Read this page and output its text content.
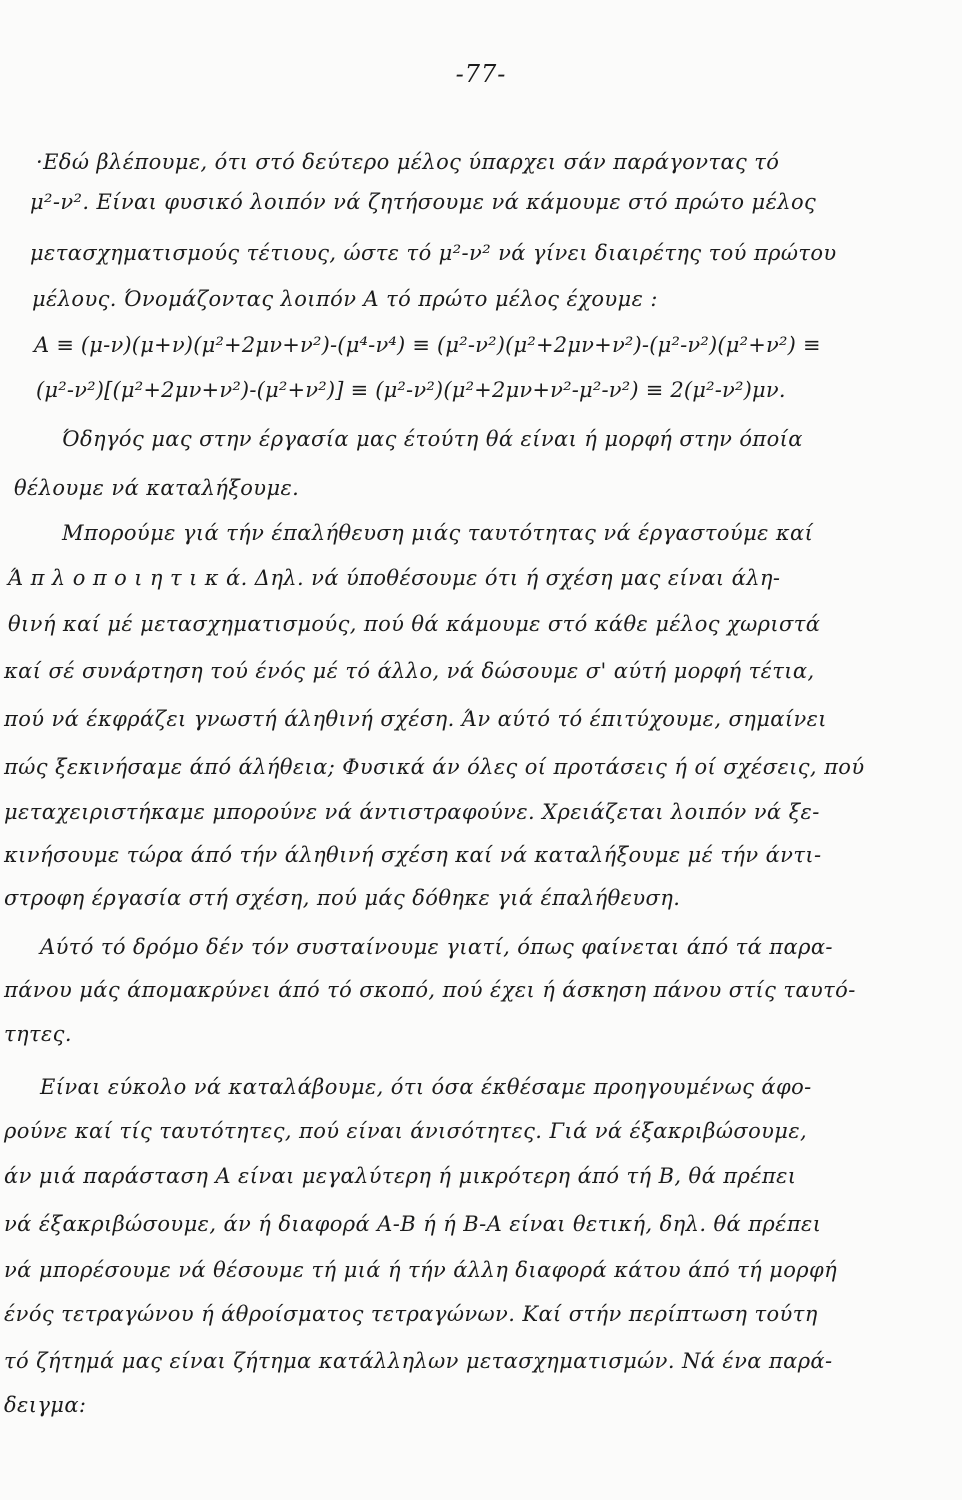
-77-
·Εδώ βλέπουμε, ότι στό δεύτερο μέλος ύπαρχει σάν παράγοντας τό
μ²-ν². Είναι φυσικό λοιπόν νά ζητήσουμε νά κάμουμε στό πρώτο μέλος
μετασχηματισμούς τέτιους, ώστε τό μ²-ν² νά γίνει διαιρέτης τού πρώτου
μέλους. Όνομάζοντας λοιπόν Α τό πρώτο μέλος έχουμε :
Α ≡ (μ-ν)(μ+ν)(μ²+2μν+ν²)-(μ⁴-ν⁴) ≡ (μ²-ν²)(μ²+2μν+ν²)-(μ²-ν²)(μ²+ν²) ≡
(μ²-ν²)[(μ²+2μν+ν²)-(μ²+ν²)] ≡ (μ²-ν²)(μ²+2μν+ν²-μ²-ν²) ≡ 2(μ²-ν²)μν.
Όδηγός μας στην έργασία μας έτούτη θά είναι ή μορφή στην όποία
θέλουμε νά καταλήξουμε.
Μπορούμε γιά τήν έπαλήθευση μιάς ταυτότητας νά έργαστούμε καί
Ά π λ ο π ο ι η τ ι κ ά. Δηλ. νά ύποθέσουμε ότι ή σχέση μας είναι άλη-
θινή καί μέ μετασχηματισμούς, πού θά κάμουμε στό κάθε μέλος χωριστά
καί σέ συνάρτηση τού ένός μέ τό άλλο, νά δώσουμε σ' αύτή μορφή τέτια,
πού νά έκφράζει γνωστή άληθινή σχέση. Άν αύτό τό έπιτύχουμε, σημαίνει
πώς ξεκινήσαμε άπό άλήθεια; Φυσικά άν όλες οί προτάσεις ή οί σχέσεις, πού
μεταχειριστήκαμε μπορούνε νά άντιστραφούνε. Χρειάζεται λοιπόν νά ξε-
κινήσουμε τώρα άπό τήν άληθινή σχέση καί νά καταλήξουμε μέ τήν άντι-
στροφη έργασία στή σχέση, πού μάς δόθηκε γιά έπαλήθευση.
Αύτό τό δρόμο δέν τόν συσταίνουμε γιατί, όπως φαίνεται άπό τά παρα-
πάνου μάς άπομακρύνει άπό τό σκοπό, πού έχει ή άσκηση πάνου στίς ταυτό-
τητες.
Είναι εύκολο νά καταλάβουμε, ότι όσα έκθέσαμε προηγουμένως άφο-
ρούνε καί τίς ταυτότητες, πού είναι άνισότητες. Γιά νά έξακριβώσουμε,
άν μιά παράσταση Α είναι μεγαλύτερη ή μικρότερη άπό τή Β, θά πρέπει
νά έξακριβώσουμε, άν ή διαφορά Α-Β ή ή Β-Α είναι θετική, δηλ. θά πρέπει
νά μπορέσουμε νά θέσουμε τή μιά ή τήν άλλη διαφορά κάτου άπό τή μορφή
ένός τετραγώνου ή άθροίσματος τετραγώνων. Καί στήν περίπτωση τούτη
τό ζήτημά μας είναι ζήτημα κατάλληλων μετασχηματισμών. Νά ένα παρά-
δειγμα:
